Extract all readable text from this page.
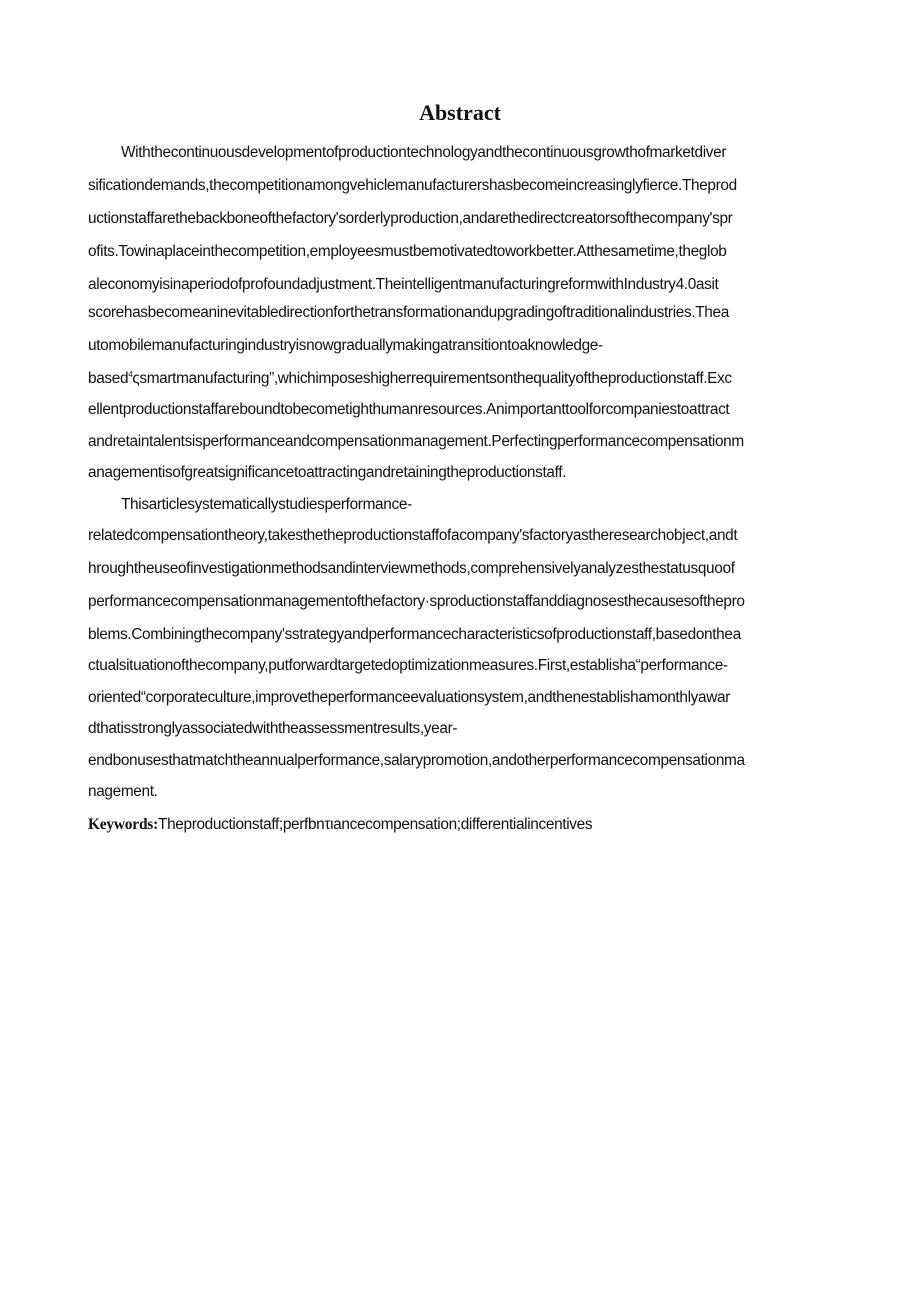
Abstract
Withthecontinuousdevelopmentofproductiontechnologyandthecontinuousgrowthofmarketdiver
sificationdemands,thecompetitionamongvehiclemanufacturershasbecomeincreasinglyfierce.Theprod
uctionstaffarethebackboneofthefactory'sorderlyproduction,andarethedirectcreatorsofthecompany'spr
ofits.Towinaplaceinthecompetition,employeesmustbemotivatedtoworkbetter.Atthesametime,theglob
aleconomyisinaperiodofprofoundadjustment.TheintelligentmanufacturingreformwithIndustry4.0asit
scorehasbecomeaninevitabledirectionforthetransformationandupgradingoftraditionalindustries.Thea
utomobilemanufacturingindustryisnowgraduallymakingatransitiontoaknowledge-
based$^4$ςsmartmanufacturing”,whichimposeshigherrequirementsonthequalityoftheproductionstaff.Exc
ellentproductionstaffareboundtobecometighthumanresources.Animportanttoolforcompaniestoattract
andretaintalentsisperformanceandcompensationmanagement.Perfectingperformancecompensationm
anagementisofgreatsignificancetoattractingandretainingtheproductionstaff.
Thisarticlesystematicallystudiesperformance-
relatedcompensationtheory,takesthetheproductionstaffofacompany'sfactoryastheresearchobject,andt
hroughtheuseofinvestigationmethodsandinterviewmethods,comprehensivelyanalyzesthestatusquoof
performancecompensationmanagementofthefactory·sproductionstaffanddiagnosesthecausesofthepro
blems.Combiningthecompany'sstrategyandperformancecharacteristicsofproductionstaff,basedonthea
ctualsituationofthecompany,putforwardtargetedoptimizationmeasures.First,establisha“performance-
oriented“corporateculture,improvetheperformanceevaluationsystem,andthenestablishamonthlyawar
dthatisstronglyassociatedwiththeassessmentresults,year-
endbonusesthatmatchtheannualperformance,salarypromotion,andotherperformancecompensationma
nagement.
Keywords:Theproductionstaff;perfbnτιancecompensation;differentialincentives
